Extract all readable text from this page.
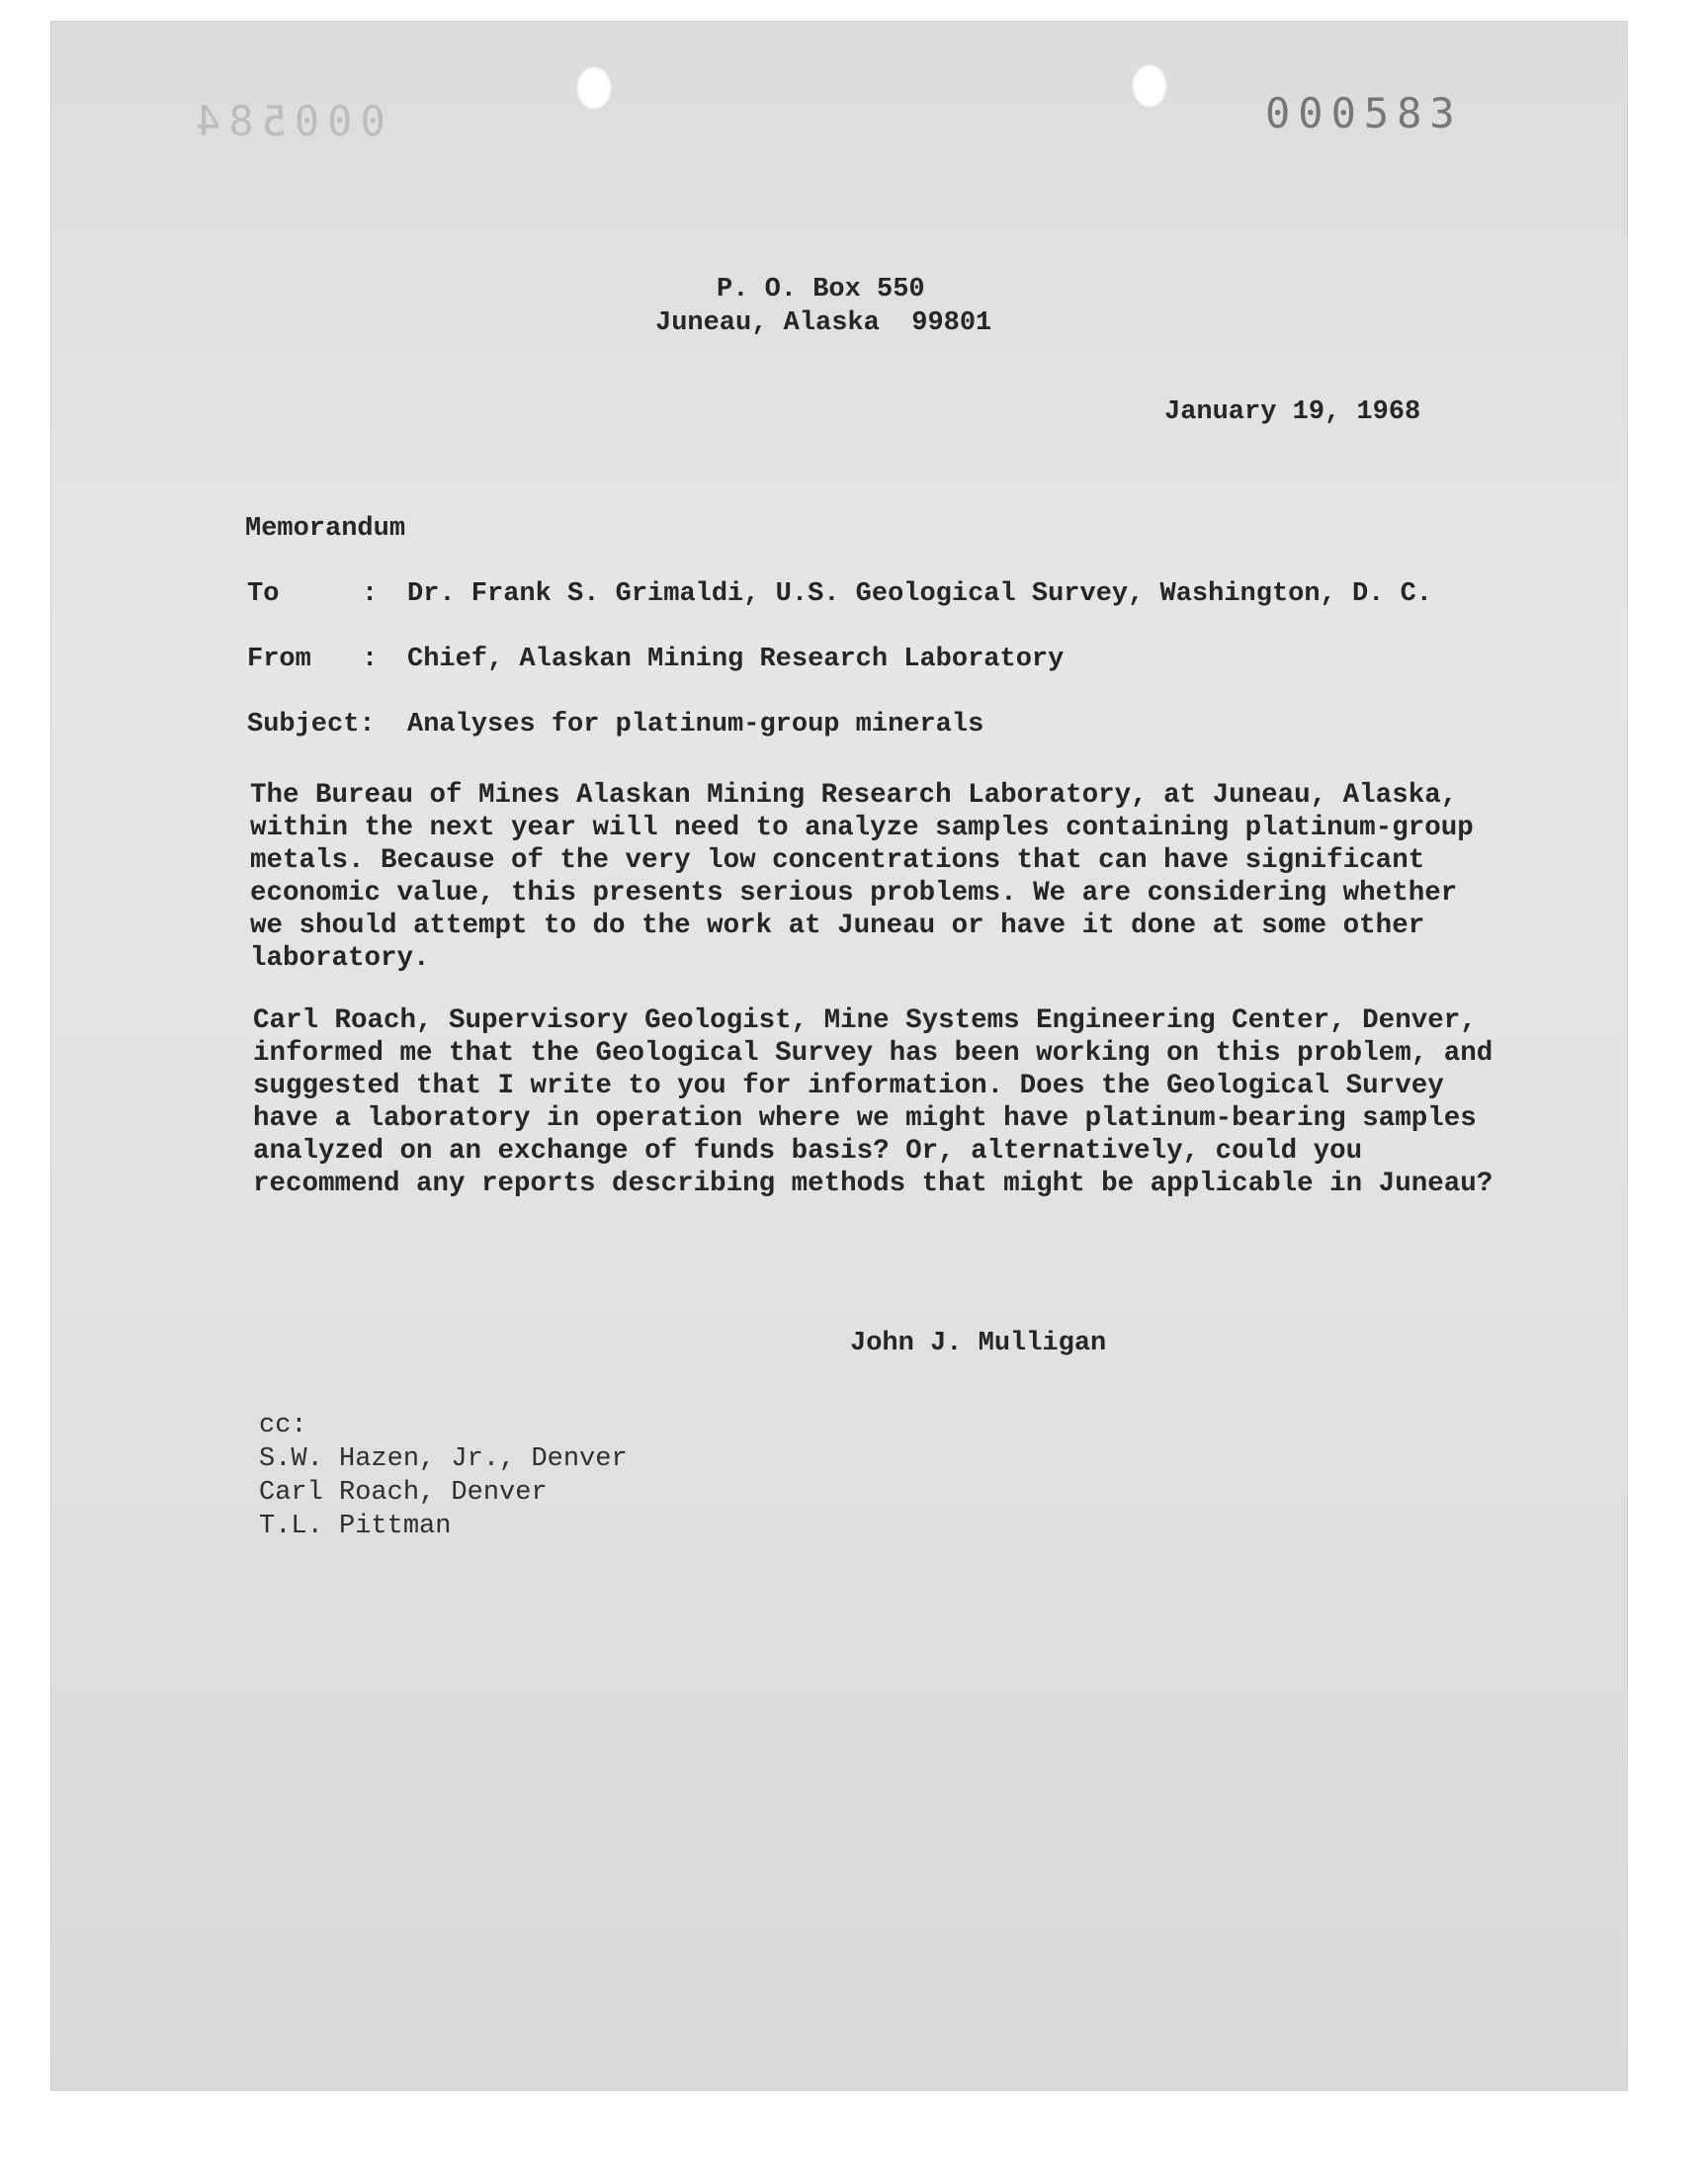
000584	000583
P. O. Box 550
Juneau, Alaska  99801
January 19, 1968
Memorandum
To	:	Dr. Frank S. Grimaldi, U.S. Geological Survey, Washington, D. C.
From	:	Chief, Alaskan Mining Research Laboratory
Subject:	Analyses for platinum-group minerals
The Bureau of Mines Alaskan Mining Research Laboratory, at Juneau, Alaska, within the next year will need to analyze samples containing platinum-group metals. Because of the very low concentrations that can have significant economic value, this presents serious problems. We are considering whether we should attempt to do the work at Juneau or have it done at some other laboratory.
Carl Roach, Supervisory Geologist, Mine Systems Engineering Center, Denver, informed me that the Geological Survey has been working on this problem, and suggested that I write to you for information. Does the Geological Survey have a laboratory in operation where we might have platinum-bearing samples analyzed on an exchange of funds basis? Or, alternatively, could you recommend any reports describing methods that might be applicable in Juneau?
John J. Mulligan
cc:
S.W. Hazen, Jr., Denver
Carl Roach, Denver
T.L. Pittman
